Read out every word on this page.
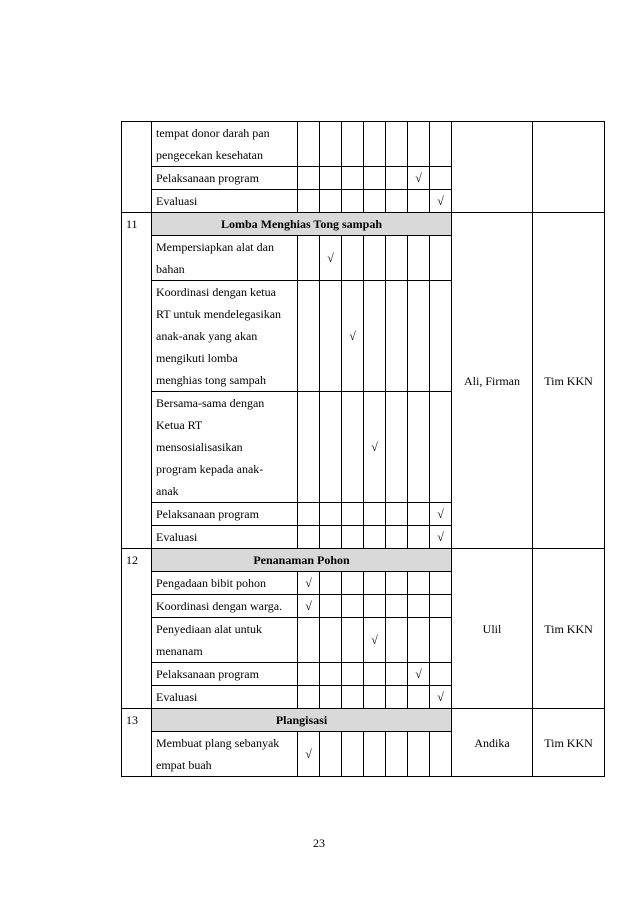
	tempat donor darah pan
pengecekan kesehatan									

	Pelaksanaan program						√			
	Evaluasi							√		
11	Lomba Menghias Tong sampah								Ali, Firman	Tim KKN

	Mempersiapkan alat dan
bahan		√							

	Koordinasi dengan ketua
RT untuk mendelegasikan
anak-anak yang akan
mengikuti lomba
menghias tong sampah			√						

	Bersama-sama dengan
Ketua RT
mensosialisasikan
program kepada anak-
anak				√					
	Pelaksanaan program							√		
	Evaluasi							√		
12	Penanaman Pohon								Ulil	Tim KKN
	Pengadaan bibit pohon	√								
	Koordinasi dengan warga.	√								

	Penyediaan alat untuk
menanam				√					
	Pelaksanaan program						√			
	Evaluasi							√		
13	Plangisasi								Andika	Tim KKN

	Membuat plang sebanyak
empat buah	√								
23
